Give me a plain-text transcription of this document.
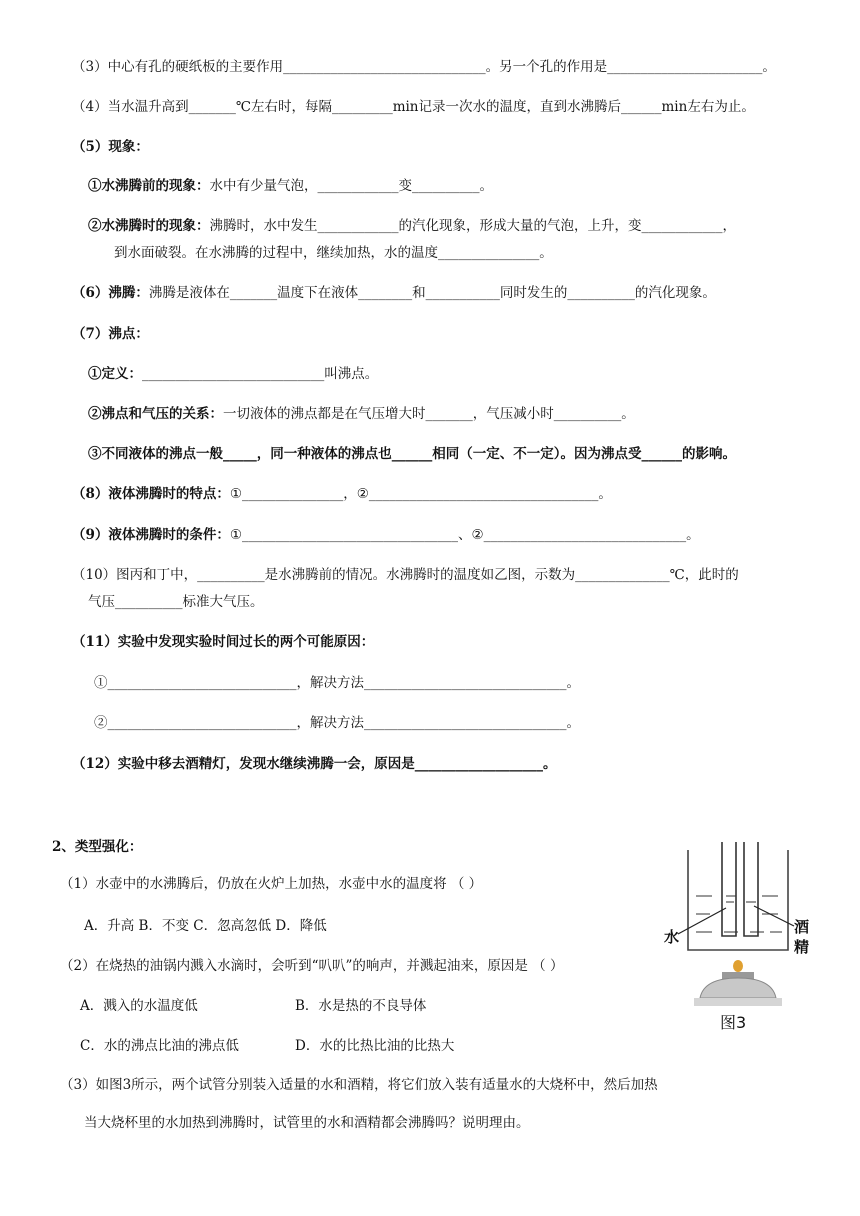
（3）中心有孔的硬纸板的主要作用______________________________。另一个孔的作用是_______________________。
（4）当水温升高到_______℃左右时，每隔_________min记录一次水的温度，直到水沸腾后______min左右为止。
（5）现象：
①水沸腾前的现象：水中有少量气泡，____________变__________。
②水沸腾时的现象：沸腾时，水中发生____________的汽化现象，形成大量的气泡，上升，变____________，
到水面破裂。在水沸腾的过程中，继续加热，水的温度_______________。
（6）沸腾：沸腾是液体在_______温度下在液体________和___________同时发生的__________的汽化现象。
（7）沸点：
①定义：___________________________叫沸点。
②沸点和气压的关系：一切液体的沸点都是在气压增大时_______，气压减小时__________。
③不同液体的沸点一般_____，同一种液体的沸点也______相同（一定、不一定）。因为沸点受______的影响。
（8）液体沸腾时的特点：①_______________，②__________________________________。
（9）液体沸腾时的条件：①________________________________、②______________________________。
（10）图丙和丁中，__________是水沸腾前的情况。水沸腾时的温度如乙图，示数为______________℃，此时的
气压__________标准大气压。
（11）实验中发现实验时间过长的两个可能原因：
①____________________________，解决方法______________________________。
②____________________________，解决方法______________________________。
（12）实验中移去酒精灯，发现水继续沸腾一会，原因是___________________。
2、类型强化：
（1）水壶中的水沸腾后，仍放在火炉上加热，水壶中水的温度将 （ ）
A．升高 B．不变 C．忽高忽低 D．降低
（2）在烧热的油锅内溅入水滴时，会听到“叭叭”的响声，并溅起油来，原因是 （ ）
A．溅入的水温度低	B．水是热的不良导体
C．水的沸点比油的沸点低	D．水的比热比油的比热大
（3）如图3所示，两个试管分别装入适量的水和酒精，将它们放入装有适量水的大烧杯中，然后加热
当大烧杯里的水加热到沸腾时，试管里的水和酒精都会沸腾吗？说明理由。
水
酒
精
图3
